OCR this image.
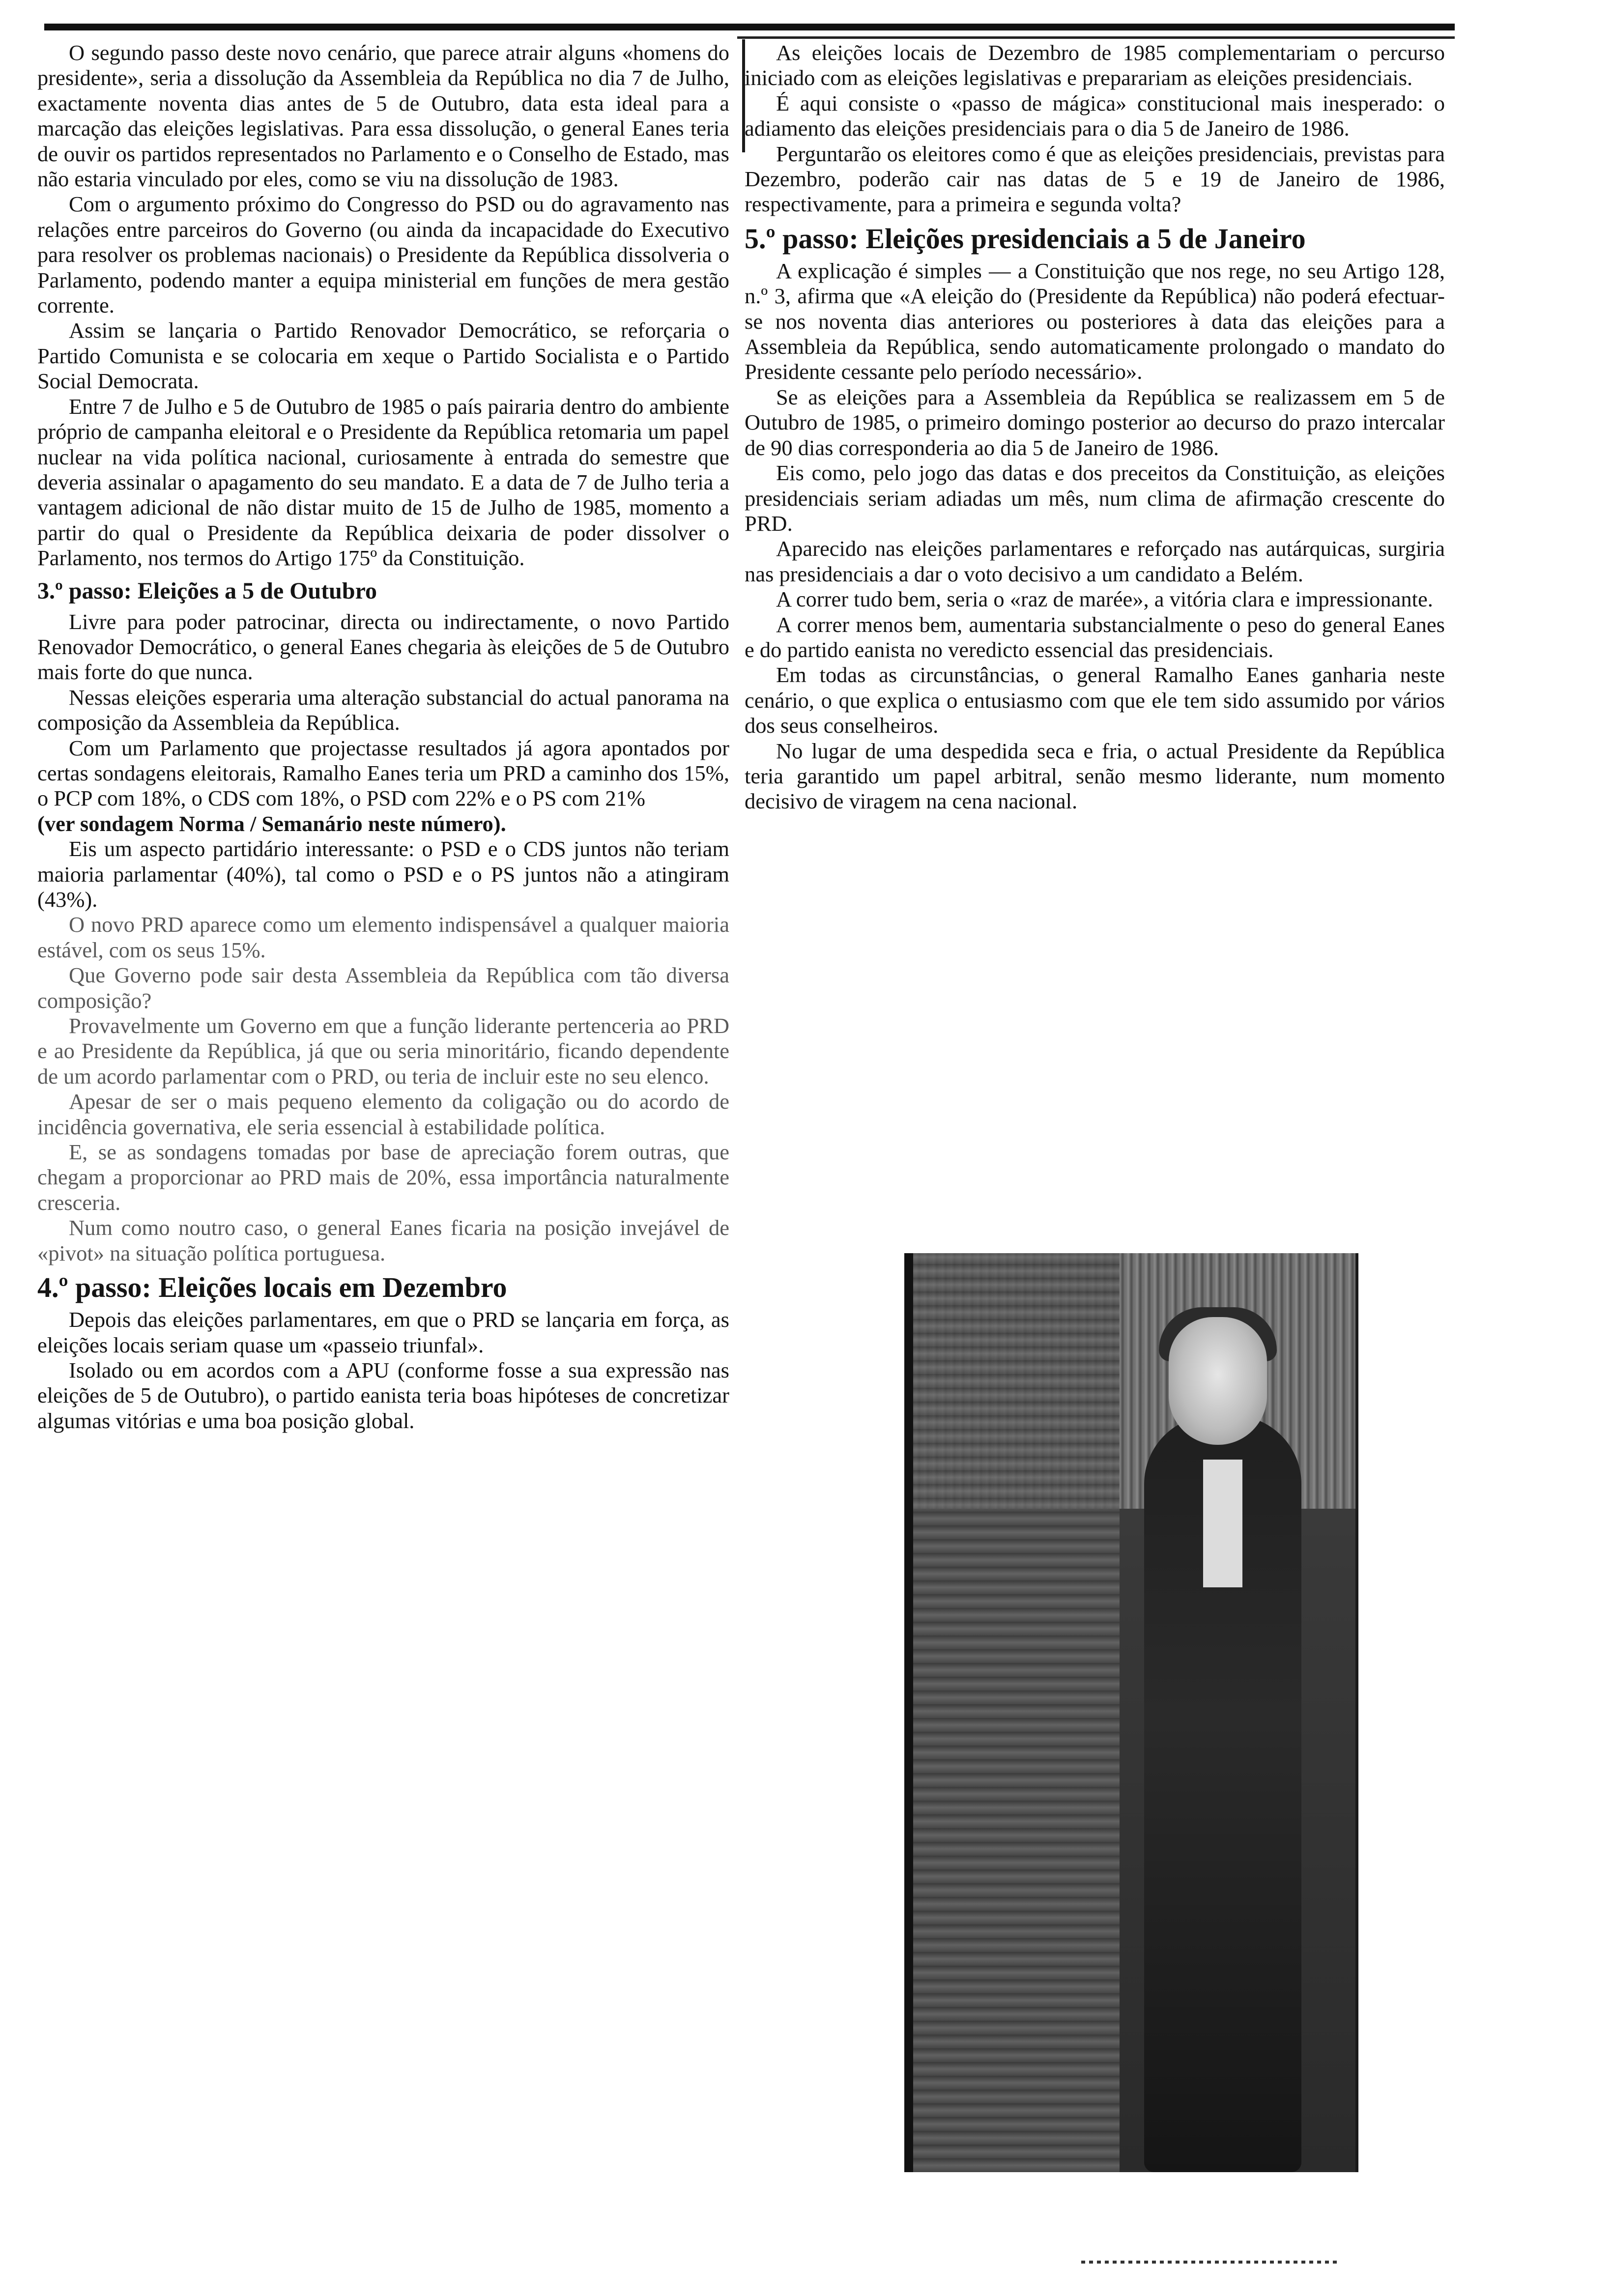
O segundo passo deste novo cenário, que parece atrair alguns «homens do presidente», seria a dissolução da Assembleia da República no dia 7 de Julho, exactamente noventa dias antes de 5 de Outubro, data esta ideal para a marcação das eleições legislativas. Para essa dissolução, o general Eanes teria de ouvir os partidos representados no Parlamento e o Conselho de Estado, mas não estaria vinculado por eles, como se viu na dissolução de 1983.

Com o argumento próximo do Congresso do PSD ou do agravamento nas relações entre parceiros do Governo (ou ainda da incapacidade do Executivo para resolver os problemas nacionais) o Presidente da República dissolveria o Parlamento, podendo manter a equipa ministerial em funções de mera gestão corrente.

Assim se lançaria o Partido Renovador Democrático, se reforçaria o Partido Comunista e se colocaria em xeque o Partido Socialista e o Partido Social Democrata.

Entre 7 de Julho e 5 de Outubro de 1985 o país pairaria dentro do ambiente próprio de campanha eleitoral e o Presidente da República retomaria um papel nuclear na vida política nacional, curiosamente à entrada do semestre que deveria assinalar o apagamento do seu mandato. E a data de 7 de Julho teria a vantagem adicional de não distar muito de 15 de Julho de 1985, momento a partir do qual o Presidente da República deixaria de poder dissolver o Parlamento, nos termos do Artigo 175º da Constituição.

3.º passo: Eleições a 5 de Outubro

Livre para poder patrocinar, directa ou indirectamente, o novo Partido Renovador Democrático, o general Eanes chegaria às eleições de 5 de Outubro mais forte do que nunca.

Nessas eleições esperaria uma alteração substancial do actual panorama na composição da Assembleia da República.

Com um Parlamento que projectasse resultados já agora apontados por certas sondagens eleitorais, Ramalho Eanes teria um PRD a caminho dos 15%, o PCP com 18%, o CDS com 18%, o PSD com 22% e o PS com 21%

(ver sondagem Norma / Semanário neste número).

Eis um aspecto partidário interessante: o PSD e o CDS juntos não teriam maioria parlamentar (40%), tal como o PSD e o PS juntos não a atingiram (43%).

O novo PRD aparece como um elemento indispensável a qualquer maioria estável, com os seus 15%.

Que Governo pode sair desta Assembleia da República com tão diversa composição?

Provavelmente um Governo em que a função liderante pertenceria ao PRD e ao Presidente da República, já que ou seria minoritário, ficando dependente de um acordo parlamentar com o PRD, ou teria de incluir este no seu elenco.

Apesar de ser o mais pequeno elemento da coligação ou do acordo de incidência governativa, ele seria essencial à estabilidade política.

E, se as sondagens tomadas por base de apreciação forem outras, que chegam a proporcionar ao PRD mais de 20%, essa importância naturalmente cresceria.

Num como noutro caso, o general Eanes ficaria na posição invejável de «pivot» na situação política portuguesa.

4.º passo: Eleições locais em Dezembro

Depois das eleições parlamentares, em que o PRD se lançaria em força, as eleições locais seriam quase um «passeio triunfal».

Isolado ou em acordos com a APU (conforme fosse a sua expressão nas eleições de 5 de Outubro), o partido eanista teria boas hipóteses de concretizar algumas vitórias e uma boa posição global.

As eleições locais de Dezembro de 1985 complementariam o percurso iniciado com as eleições legislativas e preparariam as eleições presidenciais.

É aqui consiste o «passo de mágica» constitucional mais inesperado: o adiamento das eleições presidenciais para o dia 5 de Janeiro de 1986.

Perguntarão os eleitores como é que as eleições presidenciais, previstas para Dezembro, poderão cair nas datas de 5 e 19 de Janeiro de 1986, respectivamente, para a primeira e segunda volta?

5.º passo: Eleições presidenciais a 5 de Janeiro

A explicação é simples — a Constituição que nos rege, no seu Artigo 128, n.º 3, afirma que «A eleição do (Presidente da República) não poderá efectuar-se nos noventa dias anteriores ou posteriores à data das eleições para a Assembleia da República, sendo automaticamente prolongado o mandato do Presidente cessante pelo período necessário».

Se as eleições para a Assembleia da República se realizassem em 5 de Outubro de 1985, o primeiro domingo posterior ao decurso do prazo intercalar de 90 dias corresponderia ao dia 5 de Janeiro de 1986.

Eis como, pelo jogo das datas e dos preceitos da Constituição, as eleições presidenciais seriam adiadas um mês, num clima de afirmação crescente do PRD.

Aparecido nas eleições parlamentares e reforçado nas autárquicas, surgiria nas presidenciais a dar o voto decisivo a um candidato a Belém.

A correr tudo bem, seria o «raz de marée», a vitória clara e impressionante.

A correr menos bem, aumentaria substancialmente o peso do general Eanes e do partido eanista no veredicto essencial das presidenciais.

Em todas as circunstâncias, o general Ramalho Eanes ganharia neste cenário, o que explica o entusiasmo com que ele tem sido assumido por vários dos seus conselheiros.

No lugar de uma despedida seca e fria, o actual Presidente da República teria garantido um papel arbitral, senão mesmo liderante, num momento decisivo de viragem na cena nacional.
